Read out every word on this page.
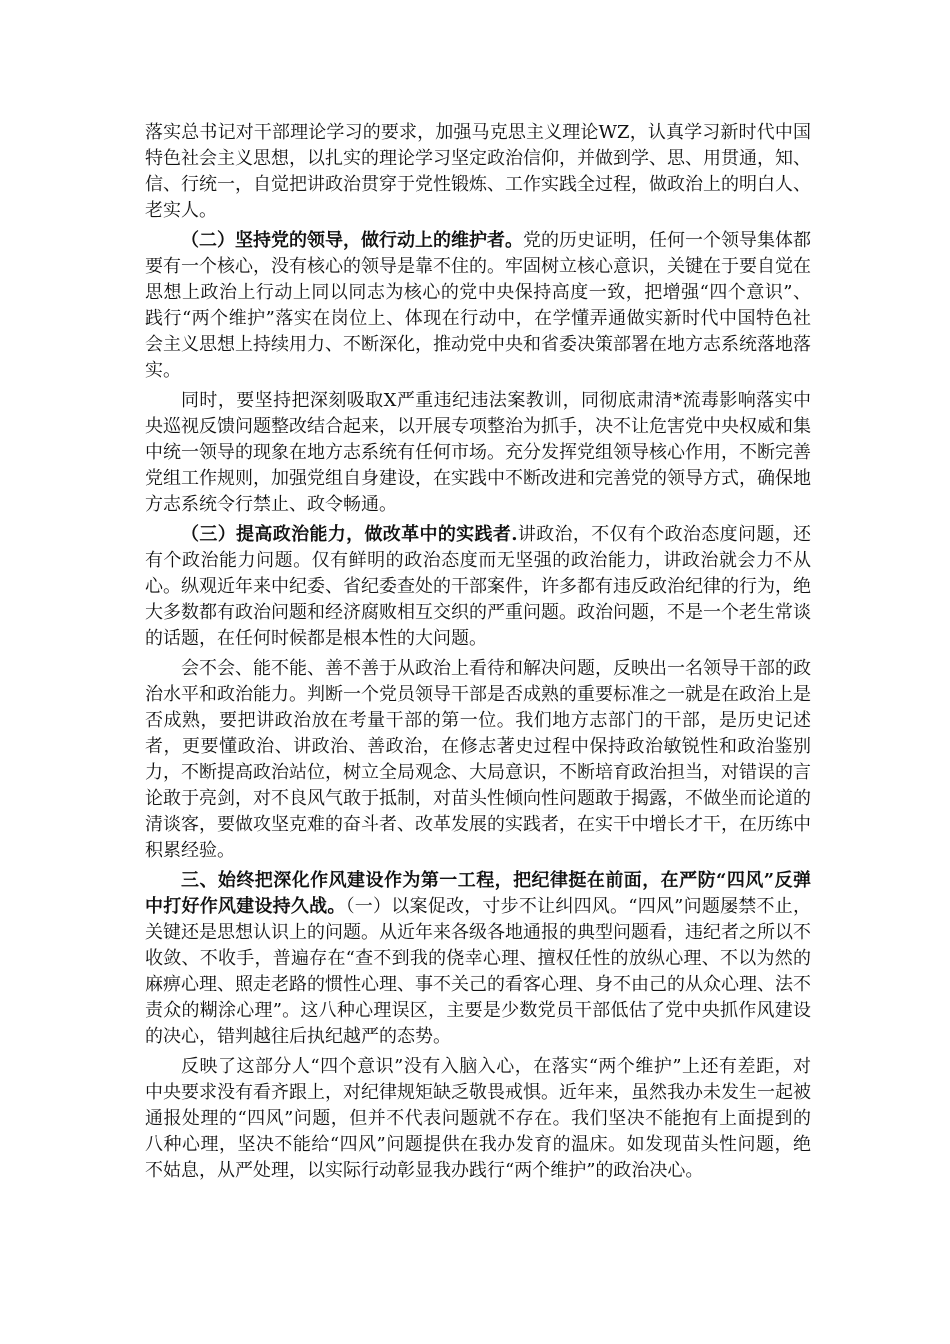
落实总书记对干部理论学习的要求，加强马克思主义理论WZ，认真学习新时代中国特色社会主义思想，以扎实的理论学习坚定政治信仰，并做到学、思、用贯通，知、信、行统一，自觉把讲政治贯穿于党性锻炼、工作实践全过程，做政治上的明白人、老实人。

（二）坚持党的领导，做行动上的维护者。党的历史证明，任何一个领导集体都要有一个核心，没有核心的领导是靠不住的。牢固树立核心意识，关键在于要自觉在思想上政治上行动上同以同志为核心的党中央保持高度一致，把增强“四个意识”、践行“两个维护”落实在岗位上、体现在行动中，在学懂弄通做实新时代中国特色社会主义思想上持续用力、不断深化，推动党中央和省委决策部署在地方志系统落地落实。

同时，要坚持把深刻吸取X严重违纪违法案教训，同彻底肃清*流毒影响落实中央巡视反馈问题整改结合起来，以开展专项整治为抓手，决不让危害党中央权威和集中统一领导的现象在地方志系统有任何市场。充分发挥党组领导核心作用，不断完善党组工作规则，加强党组自身建设，在实践中不断改进和完善党的领导方式，确保地方志系统令行禁止、政令畅通。

（三）提高政治能力，做改革中的实践者.讲政治，不仅有个政治态度问题，还有个政治能力问题。仅有鲜明的政治态度而无坚强的政治能力，讲政治就会力不从心。纵观近年来中纪委、省纪委查处的干部案件，许多都有违反政治纪律的行为，绝大多数都有政治问题和经济腐败相互交织的严重问题。政治问题，不是一个老生常谈的话题，在任何时候都是根本性的大问题。

会不会、能不能、善不善于从政治上看待和解决问题，反映出一名领导干部的政治水平和政治能力。判断一个党员领导干部是否成熟的重要标准之一就是在政治上是否成熟，要把讲政治放在考量干部的第一位。我们地方志部门的干部，是历史记述者，更要懂政治、讲政治、善政治，在修志著史过程中保持政治敏锐性和政治鉴别力，不断提高政治站位，树立全局观念、大局意识，不断培育政治担当，对错误的言论敢于亮剑，对不良风气敢于抵制，对苗头性倾向性问题敢于揭露，不做坐而论道的清谈客，要做攻坚克难的奋斗者、改革发展的实践者，在实干中增长才干，在历练中积累经验。

三、始终把深化作风建设作为第一工程，把纪律挺在前面，在严防“四风”反弹中打好作风建设持久战。（一）以案促改，寸步不让纠四风。“四风”问题屡禁不止，关键还是思想认识上的问题。从近年来各级各地通报的典型问题看，违纪者之所以不收敛、不收手，普遍存在“查不到我的侥幸心理、擅权任性的放纵心理、不以为然的麻痹心理、照走老路的惯性心理、事不关己的看客心理、身不由己的从众心理、法不责众的糊涂心理”。这八种心理误区，主要是少数党员干部低估了党中央抓作风建设的决心，错判越往后执纪越严的态势。

反映了这部分人“四个意识”没有入脑入心，在落实“两个维护”上还有差距，对中央要求没有看齐跟上，对纪律规矩缺乏敬畏戒惧。近年来，虽然我办未发生一起被通报处理的“四风”问题，但并不代表问题就不存在。我们坚决不能抱有上面提到的八种心理，坚决不能给“四风”问题提供在我办发育的温床。如发现苗头性问题，绝不姑息，从严处理，以实际行动彰显我办践行“两个维护”的政治决心。
